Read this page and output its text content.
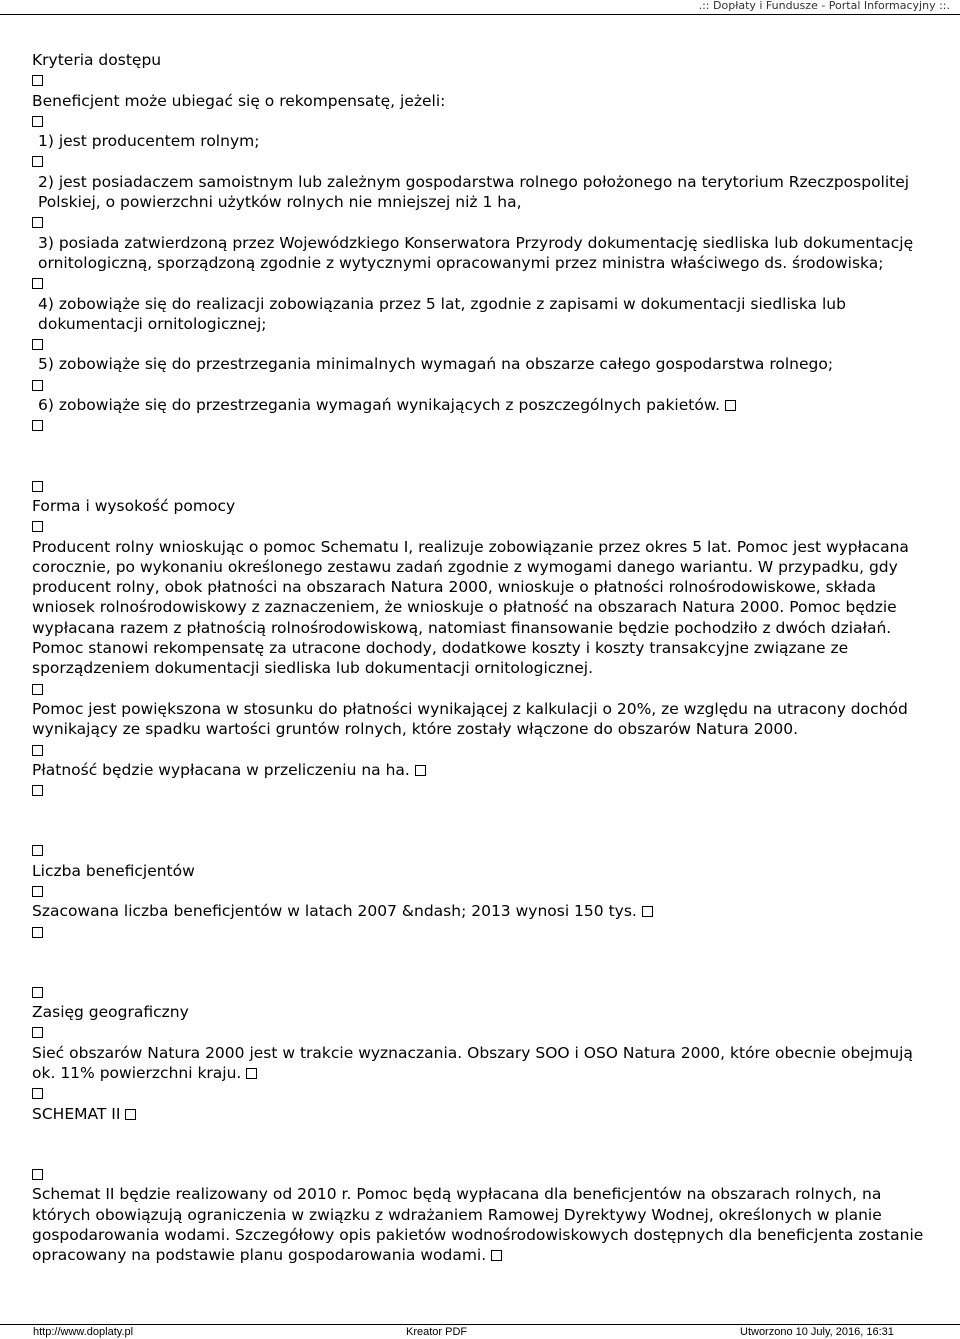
.:: Dopłaty i Fundusze - Portal Informacyjny ::.
Kryteria dostępu
Beneficjent może ubiegać się o rekompensatę, jeżeli:
1) jest producentem rolnym;
2) jest posiadaczem samoistnym lub zależnym gospodarstwa rolnego położonego na terytorium Rzeczpospolitej Polskiej, o powierzchni użytków rolnych nie mniejszej niż 1 ha,
3) posiada zatwierdzoną przez Wojewódzkiego Konserwatora Przyrody dokumentację siedliska lub dokumentację ornitologiczną, sporządzoną zgodnie z wytycznymi opracowanymi przez ministra właściwego ds. środowiska;
4) zobowiąże się do realizacji zobowiązania przez 5 lat, zgodnie z zapisami w dokumentacji siedliska lub dokumentacji ornitologicznej;
5) zobowiąże się do przestrzegania minimalnych wymagań na obszarze całego gospodarstwa rolnego;
6) zobowiąże się do przestrzegania wymagań wynikających z poszczególnych pakietów.
Forma i wysokość pomocy
Producent rolny wnioskując o pomoc Schematu I, realizuje zobowiązanie przez okres 5 lat. Pomoc jest wypłacana corocznie, po wykonaniu określonego zestawu zadań zgodnie z wymogami danego wariantu. W przypadku, gdy producent rolny, obok płatności na obszarach Natura 2000, wnioskuje o płatności rolnośrodowiskowe, składa wniosek rolnośrodowiskowy z zaznaczeniem, że wnioskuje o płatność na obszarach Natura 2000. Pomoc będzie wypłacana razem z płatnością rolnośrodowiskową, natomiast finansowanie będzie pochodziło z dwóch działań. Pomoc stanowi rekompensatę za utracone dochody, dodatkowe koszty i koszty transakcyjne związane ze sporządzeniem dokumentacji siedliska lub dokumentacji ornitologicznej.
Pomoc jest powiększona w stosunku do płatności wynikającej z kalkulacji o 20%, ze względu na utracony dochód wynikający ze spadku wartości gruntów rolnych, które zostały włączone do obszarów Natura 2000.
Płatność będzie wypłacana w przeliczeniu na ha.
Liczba beneficjentów
Szacowana liczba beneficjentów w latach 2007 &ndash; 2013 wynosi 150 tys.
Zasięg geograficzny
Sieć obszarów Natura 2000 jest w trakcie wyznaczania. Obszary SOO i OSO Natura 2000, które obecnie obejmują ok. 11% powierzchni kraju.
SCHEMAT II
Schemat II będzie realizowany od 2010 r. Pomoc będą wypłacana dla beneficjentów na obszarach rolnych, na których obowiązują ograniczenia w związku z wdrażaniem Ramowej Dyrektywy Wodnej, określonych w planie gospodarowania wodami. Szczegółowy opis pakietów wodnośrodowiskowych dostępnych dla beneficjenta zostanie opracowany na podstawie planu gospodarowania wodami.
http://www.doplaty.pl	Kreator PDF	Utworzono 10 July, 2016, 16:31
